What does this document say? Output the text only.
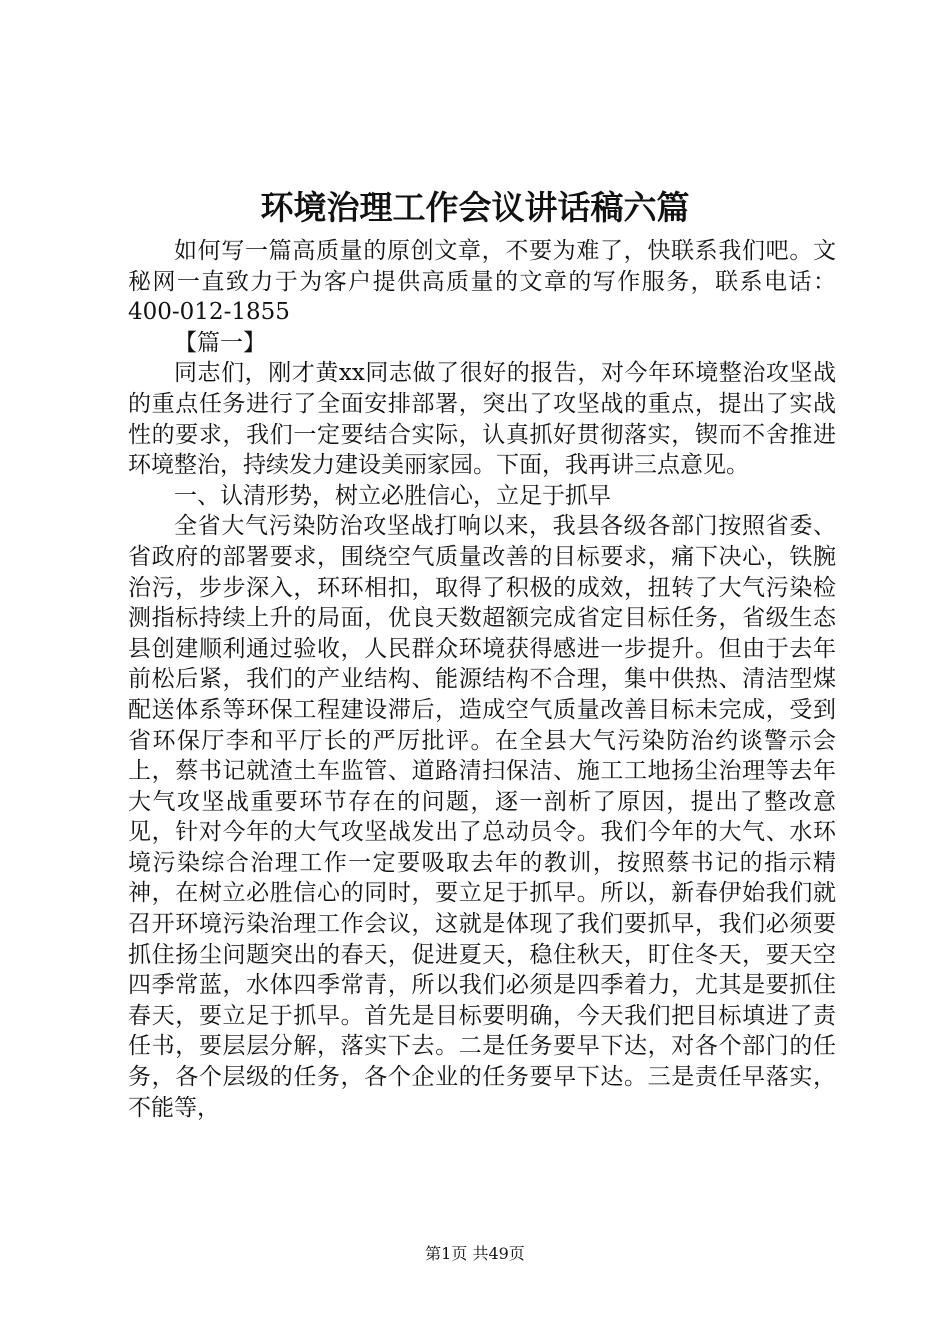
环境治理工作会议讲话稿六篇

如何写一篇高质量的原创文章，不要为难了，快联系我们吧。文秘网一直致力于为客户提供高质量的文章的写作服务，联系电话：400-012-1855

【篇一】

同志们，刚才黄xx同志做了很好的报告，对今年环境整治攻坚战的重点任务进行了全面安排部署，突出了攻坚战的重点，提出了实战性的要求，我们一定要结合实际，认真抓好贯彻落实，锲而不舍推进环境整治，持续发力建设美丽家园。下面，我再讲三点意见。

一、认清形势，树立必胜信心，立足于抓早

全省大气污染防治攻坚战打响以来，我县各级各部门按照省委、省政府的部署要求，围绕空气质量改善的目标要求，痛下决心，铁腕治污，步步深入，环环相扣，取得了积极的成效，扭转了大气污染检测指标持续上升的局面，优良天数超额完成省定目标任务，省级生态县创建顺利通过验收，人民群众环境获得感进一步提升。但由于去年前松后紧，我们的产业结构、能源结构不合理，集中供热、清洁型煤配送体系等环保工程建设滞后，造成空气质量改善目标未完成，受到省环保厅李和平厅长的严厉批评。在全县大气污染防治约谈警示会上，蔡书记就渣土车监管、道路清扫保洁、施工工地扬尘治理等去年大气攻坚战重要环节存在的问题，逐一剖析了原因，提出了整改意见，针对今年的大气攻坚战发出了总动员令。我们今年的大气、水环境污染综合治理工作一定要吸取去年的教训，按照蔡书记的指示精神，在树立必胜信心的同时，要立足于抓早。所以，新春伊始我们就召开环境污染治理工作会议，这就是体现了我们要抓早，我们必须要抓住扬尘问题突出的春天，促进夏天，稳住秋天，盯住冬天，要天空四季常蓝，水体四季常青，所以我们必须是四季着力，尤其是要抓住春天，要立足于抓早。首先是目标要明确，今天我们把目标填进了责任书，要层层分解，落实下去。二是任务要早下达，对各个部门的任务，各个层级的任务，各个企业的任务要早下达。三是责任早落实，不能等，

第1页 共49页
